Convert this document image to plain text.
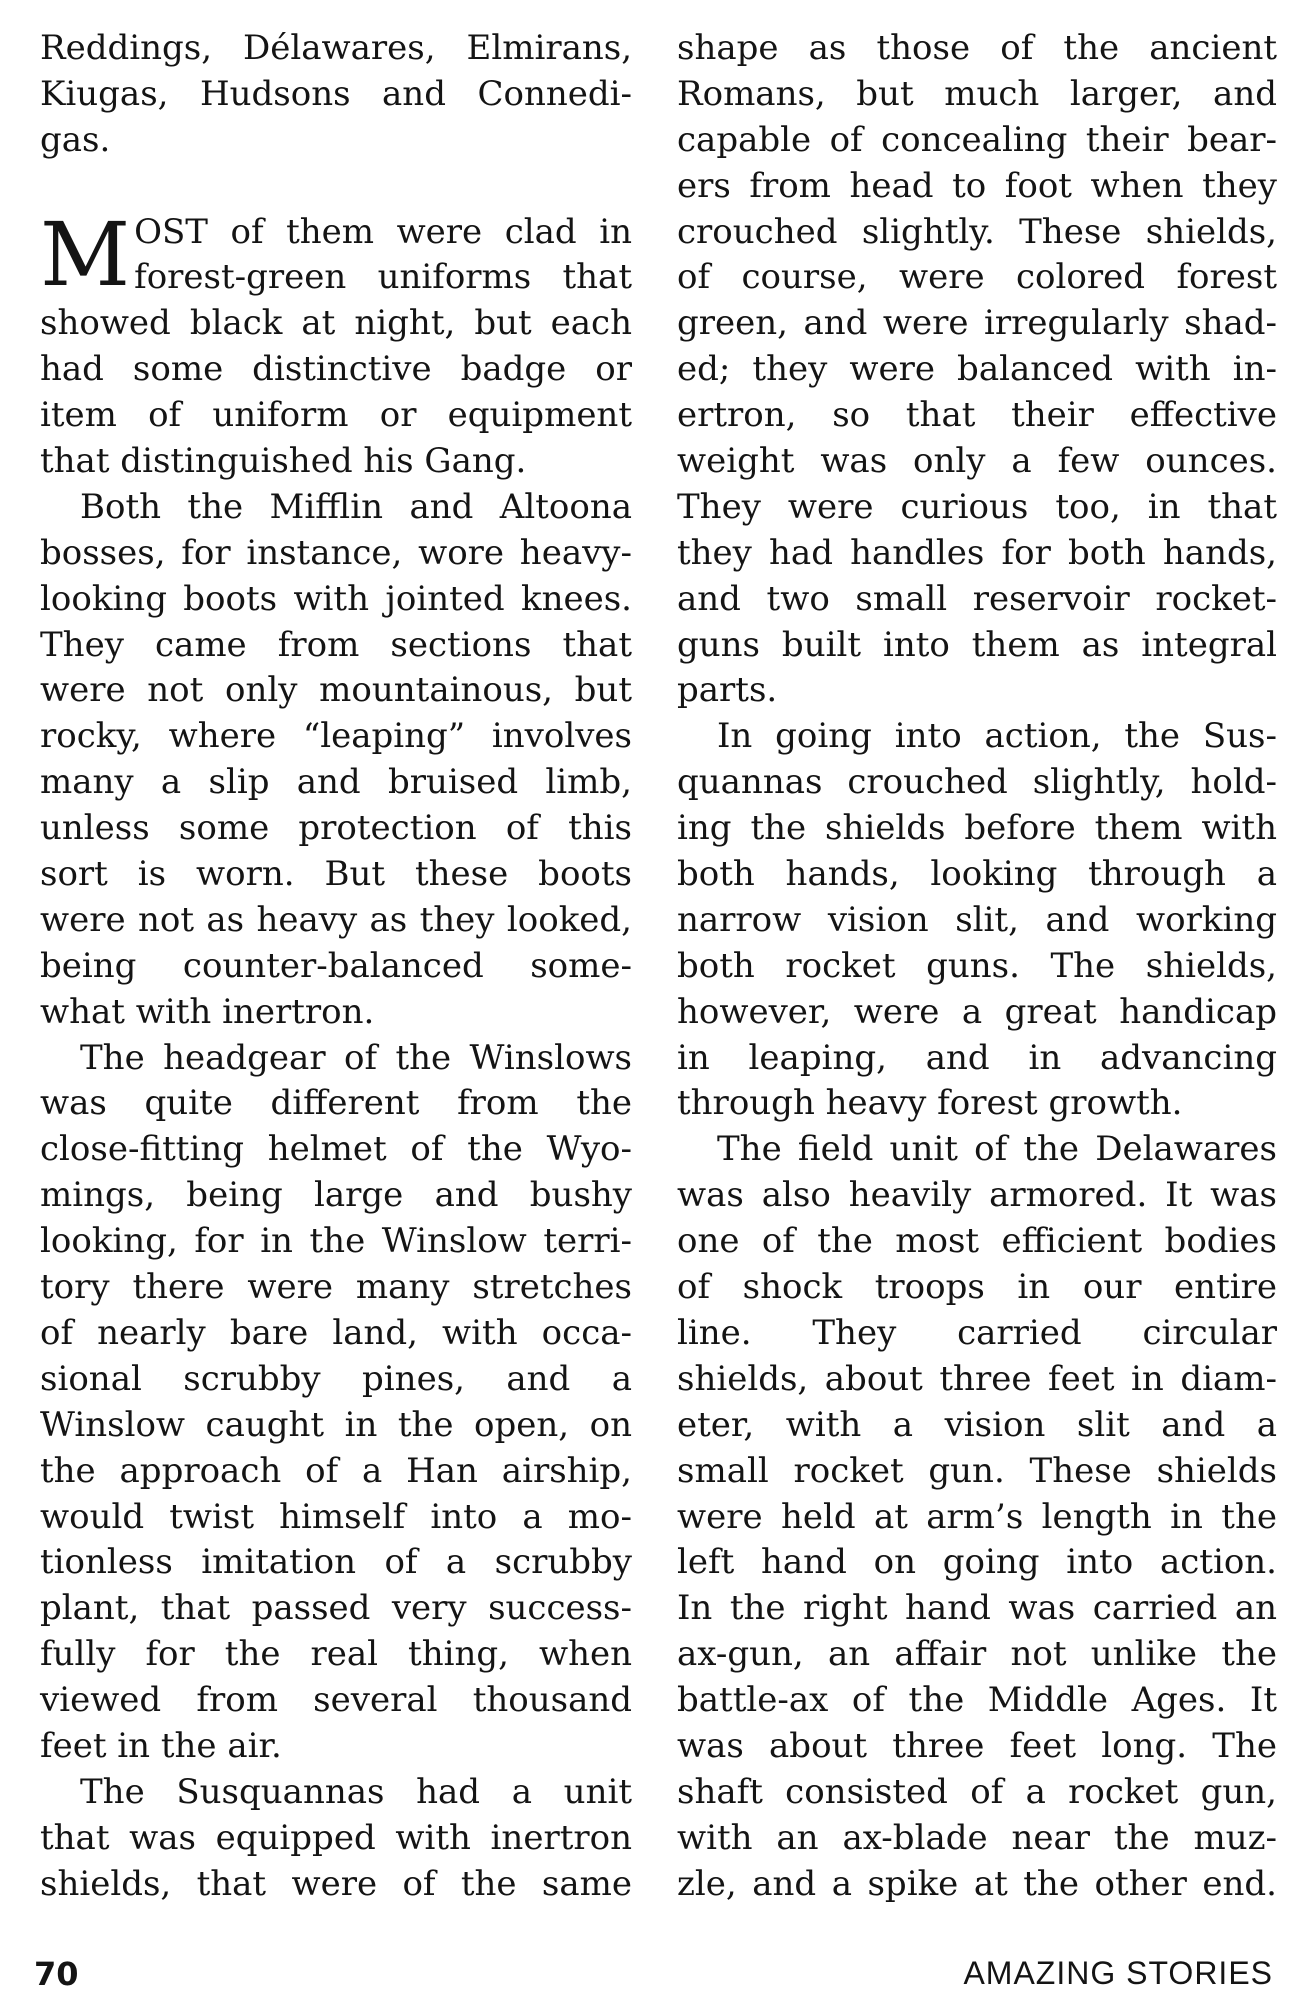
Reddings, Délawares, Elmirans,
Kiugas, Hudsons and Connedi-
gas.
M OST of them were clad in
forest-green uniforms that
showed black at night, but each
had some distinctive badge or
item of uniform or equipment
that distinguished his Gang.
Both the Mifflin and Altoona
bosses, for instance, wore heavy-
looking boots with jointed knees.
They came from sections that
were not only mountainous, but
rocky, where “leaping” involves
many a slip and bruised limb,
unless some protection of this
sort is worn. But these boots
were not as heavy as they looked,
being counter-balanced some-
what with inertron.
The headgear of the Winslows
was quite different from the
close-fitting helmet of the Wyo-
mings, being large and bushy
looking, for in the Winslow terri-
tory there were many stretches
of nearly bare land, with occa-
sional scrubby pines, and a
Winslow caught in the open, on
the approach of a Han airship,
would twist himself into a mo-
tionless imitation of a scrubby
plant, that passed very success-
fully for the real thing, when
viewed from several thousand
feet in the air.
The Susquannas had a unit
that was equipped with inertron
shields, that were of the same
shape as those of the ancient
Romans, but much larger, and
capable of concealing their bear-
ers from head to foot when they
crouched slightly. These shields,
of course, were colored forest
green, and were irregularly shad-
ed; they were balanced with in-
ertron, so that their effective
weight was only a few ounces.
They were curious too, in that
they had handles for both hands,
and two small reservoir rocket-
guns built into them as integral
parts.
In going into action, the Sus-
quannas crouched slightly, hold-
ing the shields before them with
both hands, looking through a
narrow vision slit, and working
both rocket guns. The shields,
however, were a great handicap
in leaping, and in advancing
through heavy forest growth.
The field unit of the Delawares
was also heavily armored. It was
one of the most efficient bodies
of shock troops in our entire
line. They carried circular
shields, about three feet in diam-
eter, with a vision slit and a
small rocket gun. These shields
were held at arm’s length in the
left hand on going into action.
In the right hand was carried an
ax-gun, an affair not unlike the
battle-ax of the Middle Ages. It
was about three feet long. The
shaft consisted of a rocket gun,
with an ax-blade near the muz-
zle, and a spike at the other end.
70	AMAZING STORIES
